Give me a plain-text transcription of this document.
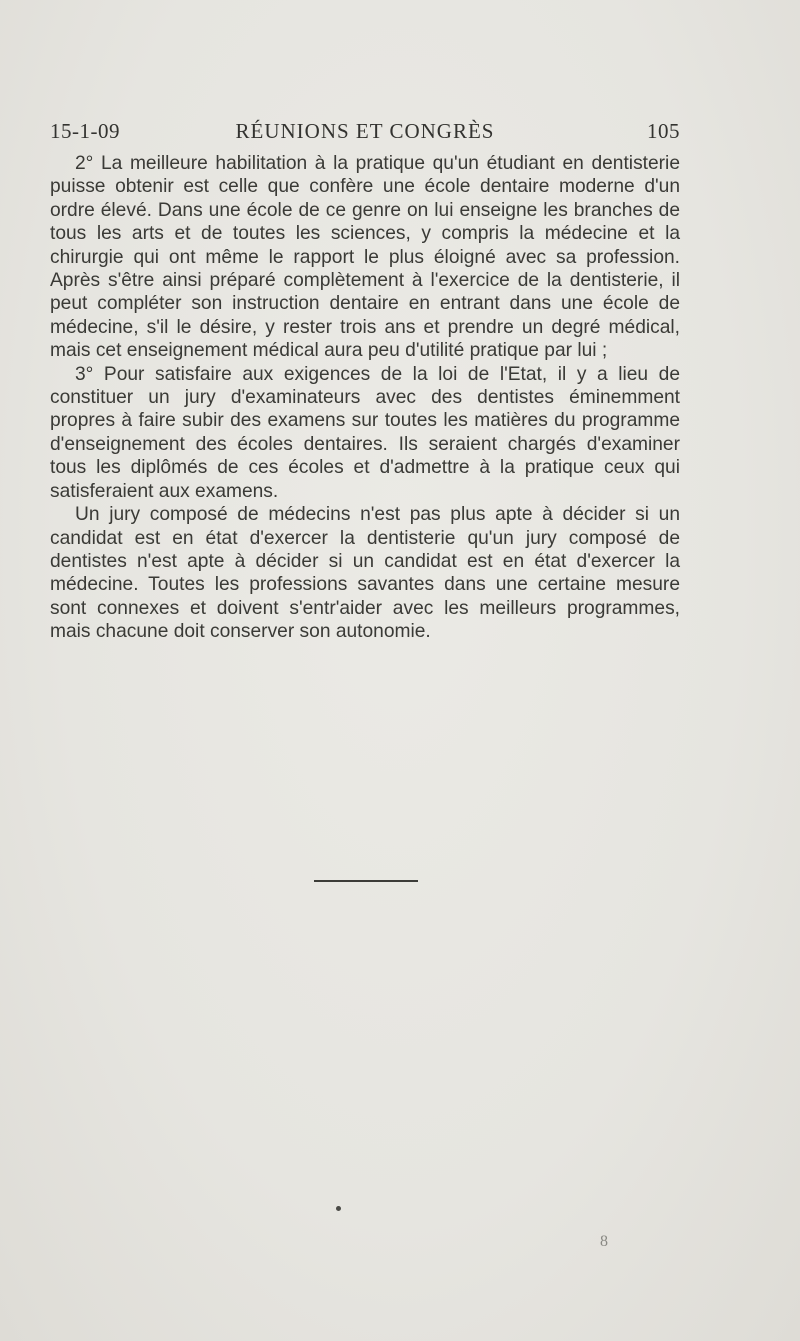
15-1-09	RÉUNIONS ET CONGRÈS	105

2° La meilleure habilitation à la pratique qu'un étudiant en dentisterie puisse obtenir est celle que confère une école dentaire moderne d'un ordre élevé. Dans une école de ce genre on lui enseigne les branches de tous les arts et de toutes les sciences, y compris la médecine et la chirurgie qui ont même le rapport le plus éloigné avec sa profession. Après s'être ainsi préparé complètement à l'exercice de la dentisterie, il peut compléter son instruction dentaire en entrant dans une école de médecine, s'il le désire, y rester trois ans et prendre un degré médical, mais cet enseignement médical aura peu d'utilité pratique par lui ;

3° Pour satisfaire aux exigences de la loi de l'Etat, il y a lieu de constituer un jury d'examinateurs avec des dentistes éminemment propres à faire subir des examens sur toutes les matières du programme d'enseignement des écoles dentaires. Ils seraient chargés d'examiner tous les diplômés de ces écoles et d'admettre à la pratique ceux qui satisferaient aux examens.

Un jury composé de médecins n'est pas plus apte à décider si un candidat est en état d'exercer la dentisterie qu'un jury composé de dentistes n'est apte à décider si un candidat est en état d'exercer la médecine. Toutes les professions savantes dans une certaine mesure sont connexes et doivent s'entr'aider avec les meilleurs programmes, mais chacune doit conserver son autonomie.

8
